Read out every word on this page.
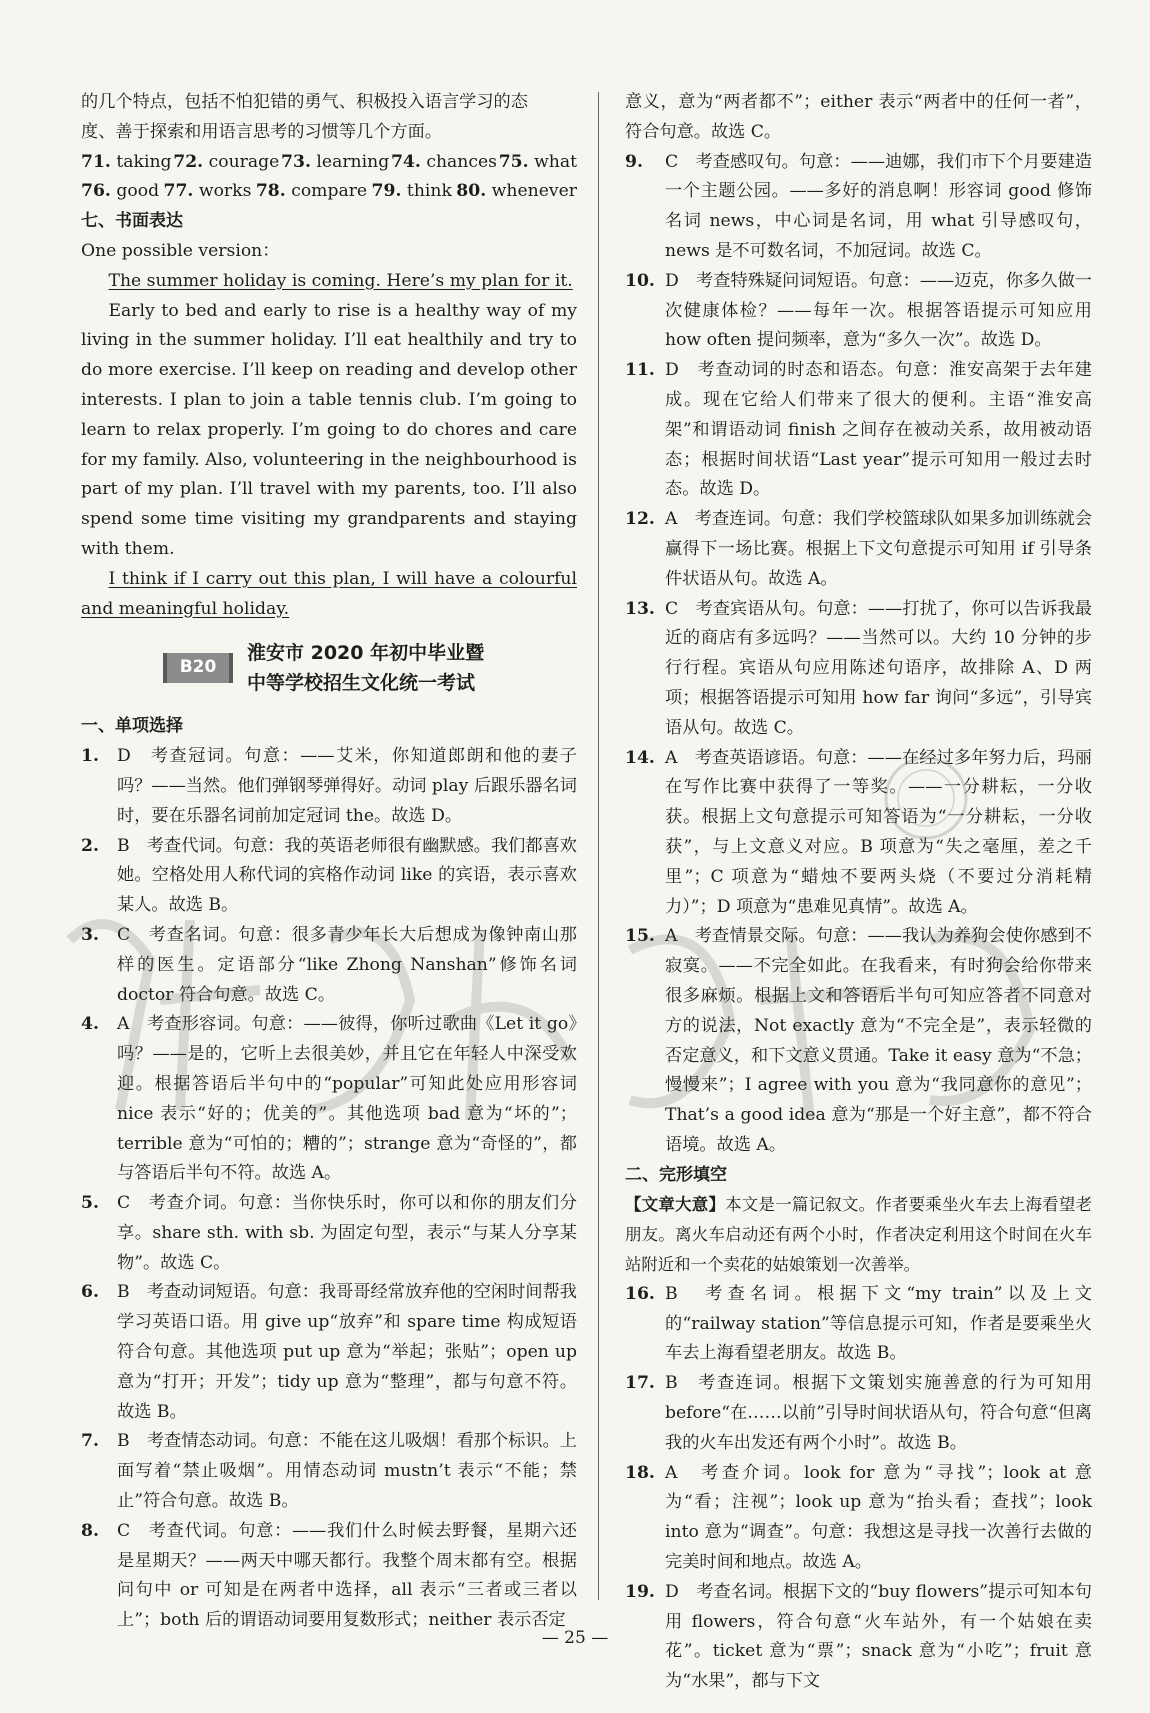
的几个特点，包括不怕犯错的勇气、积极投入语言学习的态

度、善于探索和用语言思考的习惯等几个方面。

71. taking 72. courage 73. learning 74. chances 75. what
76. good 77. works 78. compare 79. think 80. whenever

七、书面表达

One possible version：

The summer holiday is coming. Here’s my plan for it.

Early to bed and early to rise is a healthy way of my living in the summer holiday. I’ll eat healthily and try to do more exercise. I’ll keep on reading and develop other interests. I plan to join a table tennis club. I’m going to learn to relax properly. I’m going to do chores and care for my family. Also, volunteering in the neighbourhood is part of my plan. I’ll travel with my parents, too. I’ll also spend some time visiting my grandparents and staying with them.

I think if I carry out this plan, I will have a colourful and meaningful holiday.

B20
淮安市 2020 年初中毕业暨
中等学校招生文化统一考试

一、单项选择

1.	D　考查冠词。句意：——艾米，你知道郎朗和他的妻子吗？——当然。他们弹钢琴弹得好。动词 play 后跟乐器名词时，要在乐器名词前加定冠词 the。故选 D。
2.	B　考查代词。句意：我的英语老师很有幽默感。我们都喜欢她。空格处用人称代词的宾格作动词 like 的宾语，表示喜欢某人。故选 B。
3.	C　考查名词。句意：很多青少年长大后想成为像钟南山那样的医生。定语部分“like Zhong Nanshan”修饰名词 doctor 符合句意。故选 C。
4.	A　考查形容词。句意：——彼得，你听过歌曲《Let it go》吗？——是的，它听上去很美妙，并且它在年轻人中深受欢迎。根据答语后半句中的“popular”可知此处应用形容词 nice 表示“好的；优美的”。其他选项 bad 意为“坏的”；terrible 意为“可怕的；糟的”；strange 意为“奇怪的”，都与答语后半句不符。故选 A。
5.	C　考查介词。句意：当你快乐时，你可以和你的朋友们分享。share sth. with sb. 为固定句型，表示“与某人分享某物”。故选 C。
6.	B　考查动词短语。句意：我哥哥经常放弃他的空闲时间帮我学习英语口语。用 give up“放弃”和 spare time 构成短语符合句意。其他选项 put up 意为“举起；张贴”；open up 意为“打开；开发”；tidy up 意为“整理”，都与句意不符。故选 B。
7.	B　考查情态动词。句意：不能在这儿吸烟！看那个标识。上面写着“禁止吸烟”。用情态动词 mustn’t 表示“不能；禁止”符合句意。故选 B。
8.	C　考查代词。句意：——我们什么时候去野餐，星期六还是星期天？——两天中哪天都行。我整个周末都有空。根据问句中 or 可知是在两者中选择，all 表示“三者或三者以上”；both 后的谓语动词要用复数形式；neither 表示否定

意义，意为“两者都不”；either 表示“两者中的任何一者”，符合句意。故选 C。

9.	C　考查感叹句。句意：——迪娜，我们市下个月要建造一个主题公园。——多好的消息啊！形容词 good 修饰名词 news，中心词是名词，用 what 引导感叹句，news 是不可数名词，不加冠词。故选 C。
10. D　考查特殊疑问词短语。句意：——迈克，你多久做一次健康体检？——每年一次。根据答语提示可知应用 how often 提问频率，意为“多久一次”。故选 D。
11. D　考查动词的时态和语态。句意：淮安高架于去年建成。现在它给人们带来了很大的便利。主语“淮安高架”和谓语动词 finish 之间存在被动关系，故用被动语态；根据时间状语“Last year”提示可知用一般过去时态。故选 D。
12. A　考查连词。句意：我们学校篮球队如果多加训练就会赢得下一场比赛。根据上下文句意提示可知用 if 引导条件状语从句。故选 A。
13. C　考查宾语从句。句意：——打扰了，你可以告诉我最近的商店有多远吗？——当然可以。大约 10 分钟的步行行程。宾语从句应用陈述句语序，故排除 A、D 两项；根据答语提示可知用 how far 询问“多远”，引导宾语从句。故选 C。
14. A　考查英语谚语。句意：——在经过多年努力后，玛丽在写作比赛中获得了一等奖。——一分耕耘，一分收获。根据上文句意提示可知答语为“一分耕耘，一分收获”，与上文意义对应。B 项意为“失之毫厘，差之千里”；C 项意为“蜡烛不要两头烧（不要过分消耗精力）”；D 项意为“患难见真情”。故选 A。
15. A　考查情景交际。句意：——我认为养狗会使你感到不寂寞。——不完全如此。在我看来，有时狗会给你带来很多麻烦。根据上文和答语后半句可知应答者不同意对方的说法，Not exactly 意为“不完全是”，表示轻微的否定意义，和下文意义贯通。Take it easy 意为“不急；慢慢来”；I agree with you 意为“我同意你的意见”；That’s a good idea 意为“那是一个好主意”，都不符合语境。故选 A。

二、完形填空

【文章大意】本文是一篇记叙文。作者要乘坐火车去上海看望老朋友。离火车启动还有两个小时，作者决定利用这个时间在火车站附近和一个卖花的姑娘策划一次善举。

16. B　考查名词。根据下文“my train”以及上文的“railway station”等信息提示可知，作者是要乘坐火车去上海看望老朋友。故选 B。
17. B　考查连词。根据下文策划实施善意的行为可知用 before“在……以前”引导时间状语从句，符合句意“但离我的火车出发还有两个小时”。故选 B。
18. A　考查介词。look for 意为“寻找”；look at 意为“看；注视”；look up 意为“抬头看；查找”；look into 意为“调查”。句意：我想这是寻找一次善行去做的完美时间和地点。故选 A。
19. D　考查名词。根据下文的“buy flowers”提示可知本句用 flowers，符合句意“火车站外，有一个姑娘在卖花”。ticket 意为“票”；snack 意为“小吃”；fruit 意为“水果”，都与下文
— 25 —
